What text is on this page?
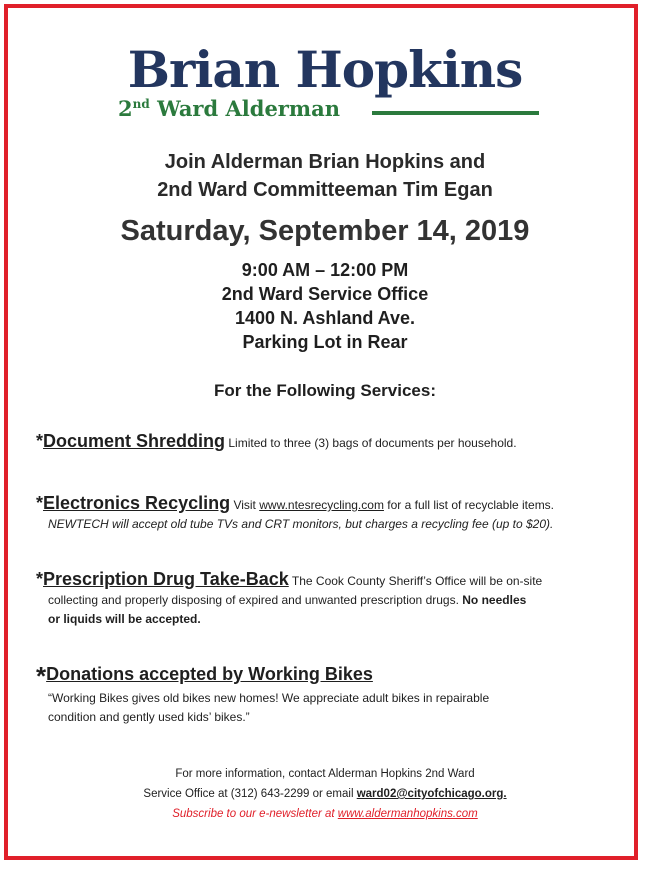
Brian Hopkins
2nd Ward Alderman
Join Alderman Brian Hopkins and
2nd Ward Committeeman Tim Egan
Saturday, September 14, 2019
9:00 AM – 12:00 PM
2nd Ward Service Office
1400 N. Ashland Ave.
Parking Lot in Rear
For the Following Services:
*Document Shredding Limited to three (3) bags of documents per household.
*Electronics Recycling Visit www.ntesrecycling.com for a full list of recyclable items.
NEWTECH will accept old tube TVs and CRT monitors, but charges a recycling fee (up to $20).
*Prescription Drug Take-Back The Cook County Sheriff’s Office will be on-site
collecting and properly disposing of expired and unwanted prescription drugs. No needles
or liquids will be accepted.
*Donations accepted by Working Bikes
“Working Bikes gives old bikes new homes! We appreciate adult bikes in repairable
condition and gently used kids’ bikes.”
For more information, contact Alderman Hopkins 2nd Ward
Service Office at (312) 643-2299 or email ward02@cityofchicago.org.
Subscribe to our e-newsletter at www.aldermanhopkins.com
